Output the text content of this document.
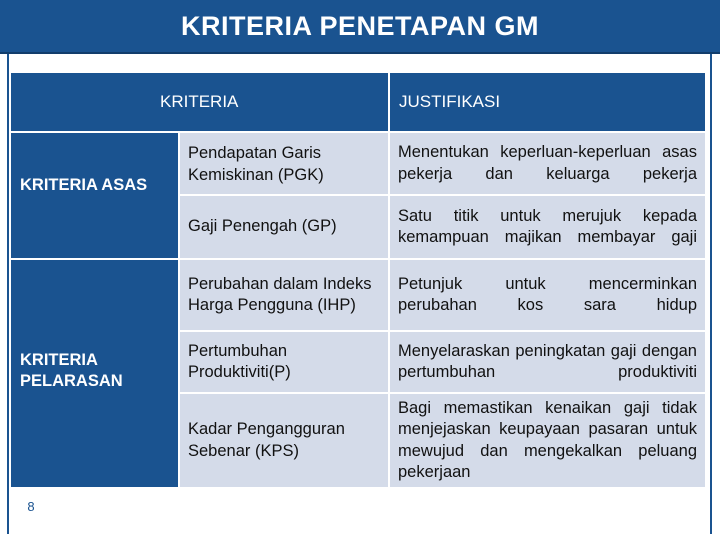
KRITERIA PENETAPAN GM
KRITERIA	JUSTIFIKASI
KRITERIA ASAS
KRITERIA PELARASAN
Pendapatan Garis Kemiskinan (PGK)
Menentukan keperluan-keperluan asas pekerja dan keluarga pekerja
Gaji Penengah (GP)
Satu titik untuk merujuk kepada kemampuan majikan membayar gaji
Perubahan dalam Indeks Harga Pengguna (IHP)
Petunjuk untuk mencerminkan perubahan kos sara hidup
Pertumbuhan Produktiviti(P)
Menyelaraskan peningkatan gaji dengan pertumbuhan produktiviti
Kadar Pengangguran Sebenar (KPS)
Bagi memastikan kenaikan gaji tidak menjejaskan keupayaan pasaran untuk mewujud dan mengekalkan peluang pekerjaan
8
